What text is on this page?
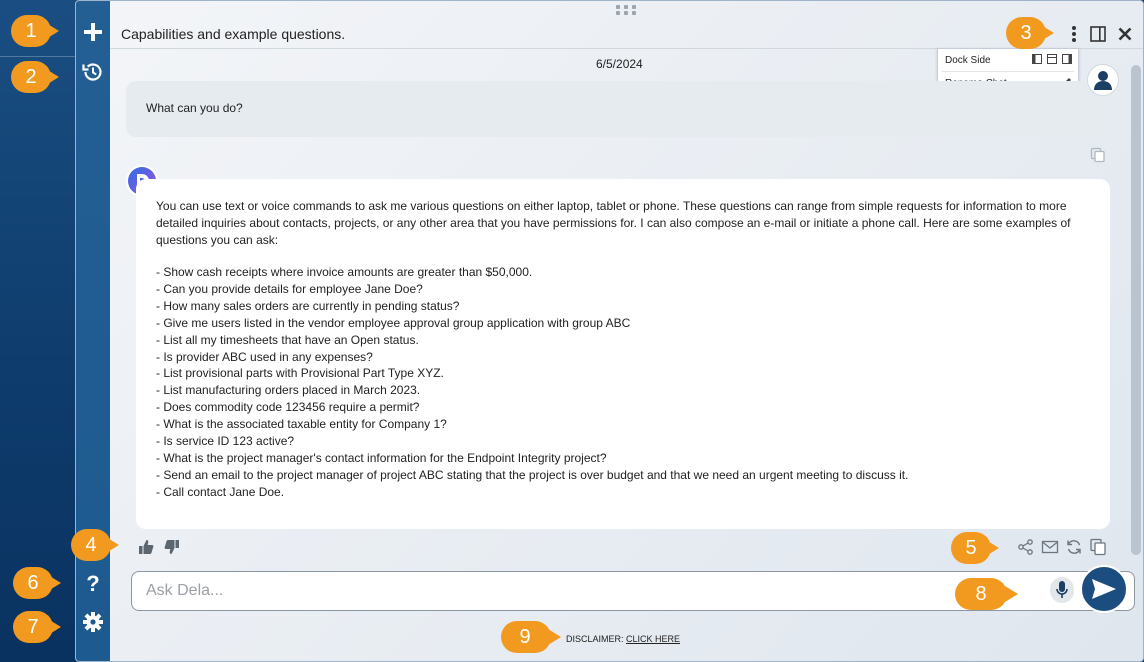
?
Capabilities and example questions.
Dock Side
6/5/2024
What can you do?
You can use text or voice commands to ask me various questions on either laptop, tablet or phone. These questions can range from simple requests for information to more detailed inquiries about contacts, projects, or any other area that you have permissions for. I can also compose an e-mail or initiate a phone call. Here are some examples of questions you can ask:
- Show cash receipts where invoice amounts are greater than $50,000.
- Can you provide details for employee Jane Doe?
- How many sales orders are currently in pending status?
- Give me users listed in the vendor employee approval group application with group ABC
- List all my timesheets that have an Open status.
- Is provider ABC used in any expenses?
- List provisional parts with Provisional Part Type XYZ.
- List manufacturing orders placed in March 2023.
- Does commodity code 123456 require a permit?
- What is the associated taxable entity for Company 1?
- Is service ID 123 active?
- What is the project manager's contact information for the Endpoint Integrity project?
- Send an email to the project manager of project ABC stating that the project is over budget and that we need an urgent meeting to discuss it.
- Call contact Jane Doe.
Ask Dela...
DISCLAIMER: CLICK HERE
1
2
3
4	5
6
7
8
9
